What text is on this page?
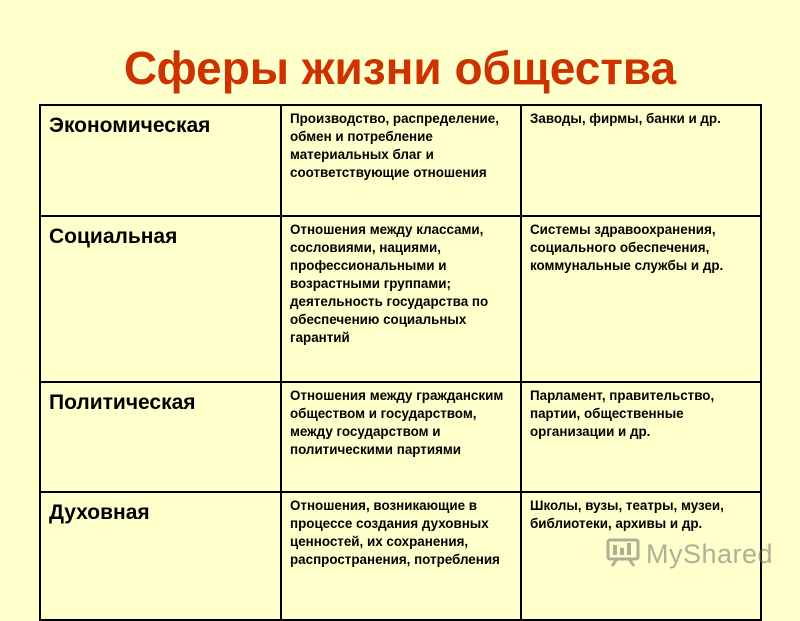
Сферы жизни общества
Экономическая	Производство, распределение, обмен и потребление материальных благ и соответствующие отношения	Заводы, фирмы, банки и др.
Социальная	Отношения между классами, сословиями, нациями, профессиональными и возрастными группами; деятельность государства по обеспечению социальных гарантий	Системы здравоохранения, социального обеспечения, коммунальные службы и др.
Политическая	Отношения между гражданским обществом и государством, между государством и политическими партиями	Парламент, правительство, партии, общественные организации и др.
Духовная	Отношения, возникающие в процессе создания духовных ценностей, их сохранения, распространения, потребления	Школы, вузы, театры, музеи, библиотеки, архивы и др.
MyShared
